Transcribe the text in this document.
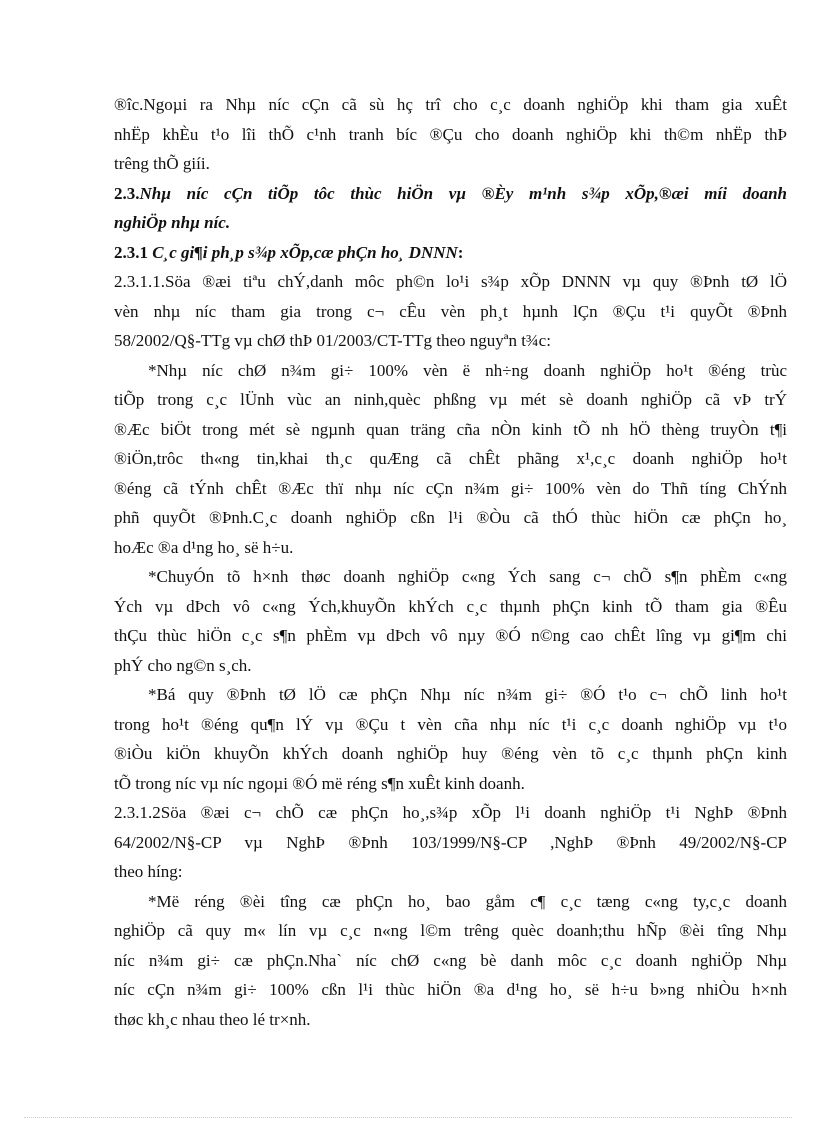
®îc.Ngoµi ra Nhµ níc cÇn cã sù hç trî cho c¸c doanh nghiÖp khi tham gia xuÊt

nhËp khÈu t¹o lîi thÕ c¹nh tranh bíc ®Çu cho doanh nghiÖp khi th©m nhËp thÞ

trêng thÕ giíi.

2.3.Nhµ níc cÇn tiÕp tôc thùc hiÖn vµ ®Èy m¹nh s¾p xÕp,®æi míi doanh

nghiÖp nhµ níc.

2.3.1 C¸c gi¶i ph¸p s¾p xÕp,cæ phÇn ho¸ DNNN:

2.3.1.1.Söa ®æi tiªu chÝ,danh môc ph©n lo¹i s¾p xÕp DNNN vµ quy ®Þnh tØ lÖ

vèn nhµ níc tham gia trong c¬ cÊu vèn ph¸t hµnh lÇn ®Çu t¹i quyÕt ®Þnh

58/2002/Q§-TTg vµ chØ thÞ 01/2003/CT-TTg theo nguyªn t¾c:

*Nhµ níc chØ n¾m gi÷ 100% vèn ë nh÷ng doanh nghiÖp ho¹t ®éng trùc

tiÕp trong c¸c lÜnh vùc an ninh,quèc phßng vµ mét sè doanh nghiÖp cã vÞ trÝ

®Æc biÖt trong mét sè ngµnh quan träng cña nÒn kinh tÕ nh hÖ thèng truyÒn t¶i

®iÖn,trôc th«ng tin,khai th¸c quÆng cã chÊt phãng x¹,c¸c doanh nghiÖp ho¹t

®éng cã tÝnh chÊt ®Æc thï nhµ níc cÇn n¾m gi÷ 100% vèn do Thñ tíng ChÝnh

phñ quyÕt ®Þnh.C¸c doanh nghiÖp cßn l¹i ®Òu cã thÓ thùc hiÖn cæ phÇn ho¸

hoÆc ®a d¹ng ho¸ së h÷u.

*ChuyÓn tõ h×nh thøc doanh nghiÖp c«ng Ých sang c¬ chÕ s¶n phÈm c«ng

Ých vµ dÞch vô c«ng Ých,khuyÕn khÝch c¸c thµnh phÇn kinh tÕ tham gia ®Êu

thÇu thùc hiÖn c¸c s¶n phÈm vµ dÞch vô nµy ®Ó n©ng cao chÊt lîng vµ gi¶m chi

phÝ cho ng©n s¸ch.

*Bá quy ®Þnh tØ lÖ cæ phÇn Nhµ níc n¾m gi÷ ®Ó t¹o c¬ chÕ linh ho¹t

trong ho¹t ®éng qu¶n lÝ vµ ®Çu t vèn cña nhµ níc t¹i c¸c doanh nghiÖp vµ t¹o

®iÒu kiÖn khuyÕn khÝch doanh nghiÖp huy ®éng vèn tõ c¸c thµnh phÇn kinh

tÕ trong níc vµ níc ngoµi ®Ó më réng s¶n xuÊt kinh doanh.

2.3.1.2Söa ®æi c¬ chÕ cæ phÇn ho¸,s¾p xÕp l¹i doanh nghiÖp t¹i NghÞ ®Þnh

64/2002/N§-CP vµ NghÞ ®Þnh 103/1999/N§-CP ,NghÞ ®Þnh 49/2002/N§-CP

theo híng:

*Më réng ®èi tîng cæ phÇn ho¸ bao gåm c¶ c¸c tæng c«ng ty,c¸c doanh

nghiÖp cã quy m« lín vµ c¸c n«ng l©m trêng quèc doanh;thu hÑp ®èi tîng Nhµ

níc n¾m gi÷ cæ phÇn.Nha` níc chØ c«ng bè danh môc c¸c doanh nghiÖp Nhµ

níc cÇn n¾m gi÷ 100% cßn l¹i thùc hiÖn ®a d¹ng ho¸ së h÷u b»ng nhiÒu h×nh

thøc kh¸c nhau theo lé tr×nh.
